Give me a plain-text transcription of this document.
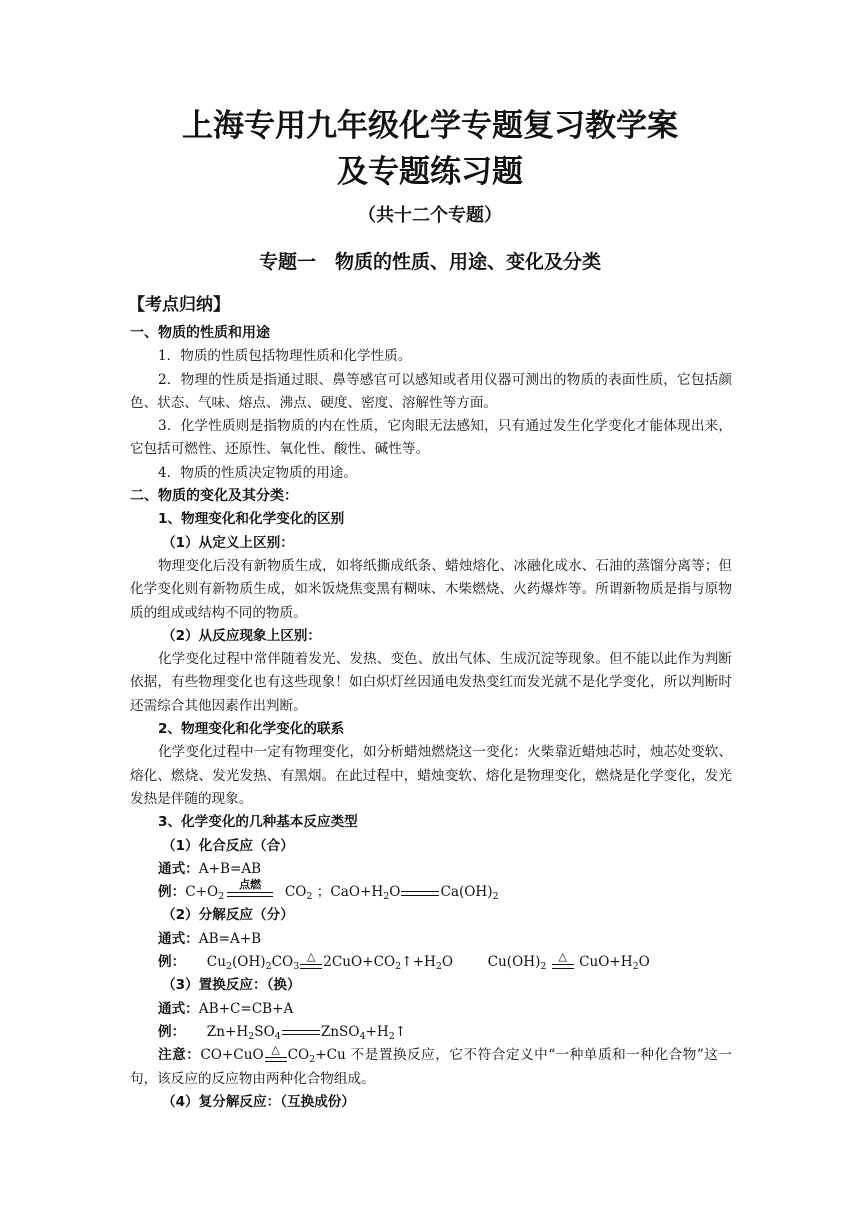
上海专用九年级化学专题复习教学案
及专题练习题
（共十二个专题）
专题一　物质的性质、用途、变化及分类

【考点归纳】

一、物质的性质和用途

1．物质的性质包括物理性质和化学性质。

2．物理的性质是指通过眼、鼻等感官可以感知或者用仪器可测出的物质的表面性质，它包括颜色、状态、气味、熔点、沸点、硬度、密度、溶解性等方面。

3．化学性质则是指物质的内在性质，它肉眼无法感知，只有通过发生化学变化才能体现出来，它包括可燃性、还原性、氧化性、酸性、碱性等。

4．物质的性质决定物质的用途。

二、物质的变化及其分类：

1、物理变化和化学变化的区别

（1）从定义上区别：

物理变化后没有新物质生成，如将纸撕成纸条、蜡烛熔化、冰融化成水、石油的蒸馏分离等；但化学变化则有新物质生成，如米饭烧焦变黑有糊味、木柴燃烧、火药爆炸等。所谓新物质是指与原物质的组成或结构不同的物质。

（2）从反应现象上区别：

化学变化过程中常伴随着发光、发热、变色、放出气体、生成沉淀等现象。但不能以此作为判断依据，有些物理变化也有这些现象！如白炽灯丝因通电发热变红而发光就不是化学变化，所以判断时还需综合其他因素作出判断。

2、物理变化和化学变化的联系

化学变化过程中一定有物理变化，如分析蜡烛燃烧这一变化：火柴靠近蜡烛芯时，烛芯处变软、熔化、燃烧、发光发热、有黑烟。在此过程中，蜡烛变软、熔化是物理变化，燃烧是化学变化，发光发热是伴随的现象。

3、化学变化的几种基本反应类型

（1）化合反应（合）

通式：A+B=AB

例：$C+O_2$
点燃	$CO_2$ ；$CaO+H_2O$	$Ca(OH)_2$

（2）分解反应（分）

通式：AB=A+B

例： $Cu_2(OH)_2CO_3$
△ $2CuO+CO_2↑+H_2O$	$Cu(OH)_2$
△ $CuO+H_2O$

（3）置换反应：（换）

通式：AB+C=CB+A

例： $Zn+H_2SO_4$	$ZnSO_4+H_2↑$

注意：CO+CuO △ $CO_2+Cu$ 不是置换反应，它不符合定义中“一种单质和一种化合物”这一句，该反应的反应物由两种化合物组成。

（4）复分解反应：（互换成份）
